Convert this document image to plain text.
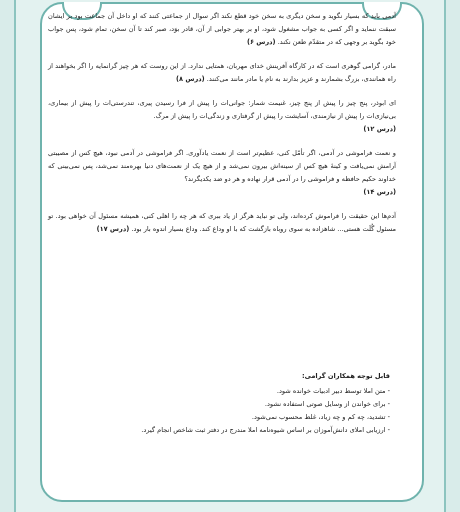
آدمی باید که بسیار نگوید و سخن دیگری به سخن خود قطع نکند اگر سوال از جماعتی کنند که او داخل آن جماعت بود بر ایشان سبقت ننماید و اگر کسی به جواب مشغول شود، او بر بهتر جوابی از آن، قادر بوَد، صبر کند تا آن سخن، تمام شود، پس جواب خود بگوید بر وجهی که در متقدّم طعن نکند. (درس ۶)

مادر، گرامی گوهری است که در کارگاه آفرینش خدای مهربان، همتایی ندارد. از این روست که هر چیز گرانمایه را اگر بخواهند از راه همانندی، بزرگ بشمارند و عزیز بدارند به نام یا مادر مانند می‌کنند. (درس ۸)

ای ابوذر، پنج چیز را پیش از پنج چیز، غنیمت شمار: جوانی‌ات را پیش از فرا رسیدن پیری، تندرستی‌ات را پیش از بیماری، بی‌نیازی‌ات را پیش از نیازمندی، آسایشت را پیش از گرفتاری و زندگی‌ات را پیش از مرگ.

(درس ۱۲)

و نعمت فراموشی در آدمی، اگر تأمّل کنی، عظیم‌تر است از نعمت یادآوری. اگر فراموشی در آدمی نبود، هیچ کس از مصیبتی آرامش نمی‌یافت و کینهٔ هیچ کس از سینه‌اش بیرون نمی‌شد و از هیچ یک از نعمت‌های دنیا بهره‌مند نمی‌شد، پس نمی‌بینی که خداوند حکیم حافظه و فراموشی را در آدمی قرار نهاده و هر دو ضد یکدیگرند؟

(درس ۱۴)

آدم‌ها این حقیقت را فراموش کرده‌اند، ولی تو نباید هرگز از یاد ببری که هر چه را اهلی کنی، همیشه مسئول آن خواهی بود. تو مسئول گُلَت هستی... شاهزاده به سوی روباه بازگشت که با او وداع کند. وداع بسیار اندوه بار بود. (درس ۱۷)

قابل توجه همکاران گرامی:
- متن املا توسط دبیر ادبیات خوانده شود.
- برای خواندن از وسایل صوتی استفاده نشود.
- تشدید، چه کم و چه زیاد، غلط محسوب نمی‌شود.
- ارزیابی املای دانش‌آموزان بر اساس شیوه‌نامه املا مندرج در دفتر ثبت شاخص انجام گیرد.
